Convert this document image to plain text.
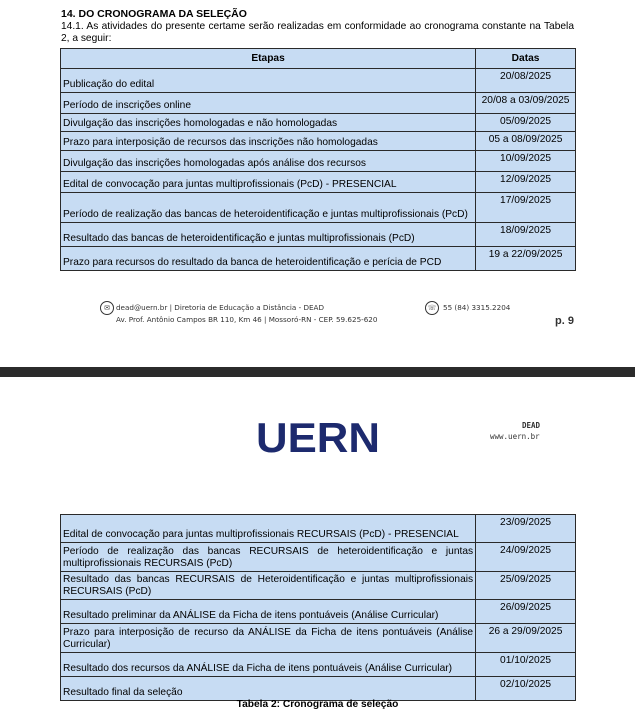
14. DO CRONOGRAMA DA SELEÇÃO
14.1. As atividades do presente certame serão realizadas em conformidade ao cronograma constante na Tabela 2, a seguir:
Etapas	Datas
Publicação do edital	20/08/2025
Período de inscrições online	20/08 a 03/09/2025
Divulgação das inscrições homologadas e não homologadas	05/09/2025
Prazo para interposição de recursos das inscrições não homologadas	05 a 08/09/2025
Divulgação das inscrições homologadas após análise dos recursos	10/09/2025
Edital de convocação para juntas multiprofissionais (PcD) - PRESENCIAL	12/09/2025
Período de realização das bancas de heteroidentificação e juntas multiprofissionais (PcD)	17/09/2025
Resultado das bancas de heteroidentificação e juntas multiprofissionais (PcD)	18/09/2025
Prazo para recursos do resultado da banca de heteroidentificação e perícia de PCD	19 a 22/09/2025
✉ dead@uern.br | Diretoria de Educação a Distância - DEAD
Av. Prof. Antônio Campos BR 110, Km 46 | Mossoró-RN - CEP. 59.625-620
☏ 55 (84) 3315.2204
p. 9
UERN	DEAD
www.uern.br
Edital de convocação para juntas multiprofissionais RECURSAIS (PcD) - PRESENCIAL	23/09/2025
Período de realização das bancas RECURSAIS de heteroidentificação e juntas multiprofissionais RECURSAIS (PcD)	24/09/2025
Resultado das bancas RECURSAIS de Heteroidentificação e juntas multiprofissionais RECURSAIS (PcD)	25/09/2025
Resultado preliminar da ANÁLISE da Ficha de itens pontuáveis (Análise Curricular)	26/09/2025
Prazo para interposição de recurso da ANÁLISE da Ficha de itens pontuáveis (Análise Curricular)	26 a 29/09/2025
Resultado dos recursos da ANÁLISE da Ficha de itens pontuáveis (Análise Curricular)	01/10/2025
Resultado final da seleção	02/10/2025
Tabela 2: Cronograma de seleção
